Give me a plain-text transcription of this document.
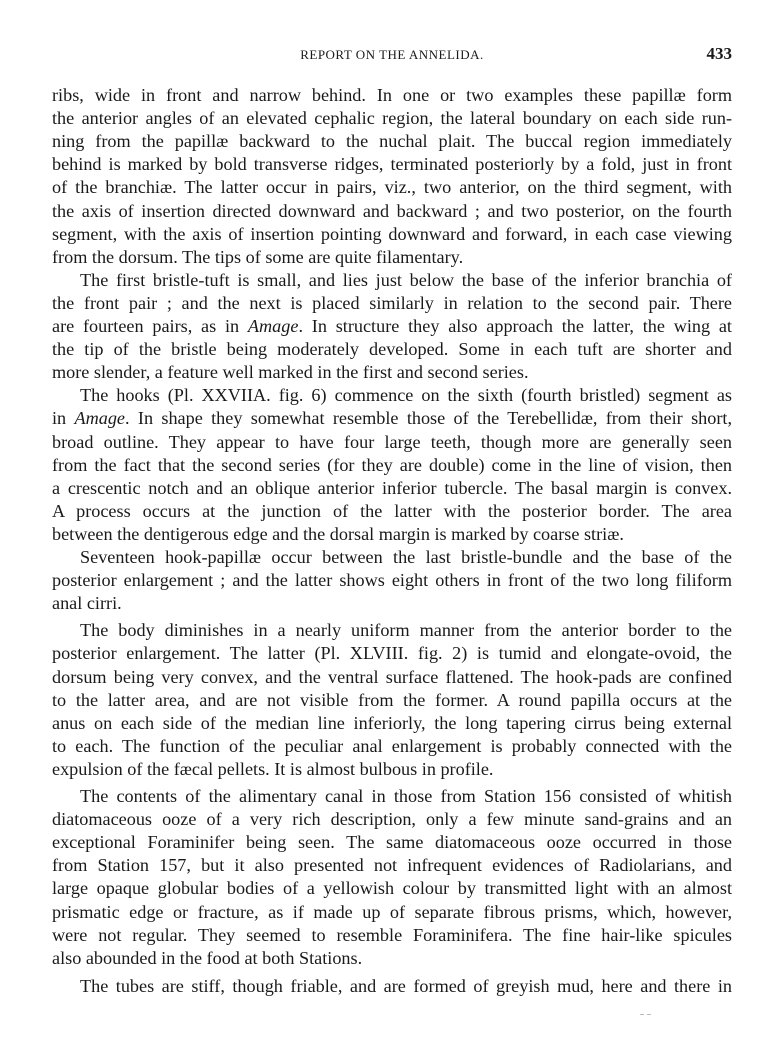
REPORT ON THE ANNELIDA.	433
ribs, wide in front and narrow behind. In one or two examples these papillæ form
the anterior angles of an elevated cephalic region, the lateral boundary on each side run-
ning from the papillæ backward to the nuchal plait. The buccal region immediately
behind is marked by bold transverse ridges, terminated posteriorly by a fold, just in front
of the branchiæ. The latter occur in pairs, viz., two anterior, on the third segment, with
the axis of insertion directed downward and backward ; and two posterior, on the fourth
segment, with the axis of insertion pointing downward and forward, in each case viewing
from the dorsum. The tips of some are quite filamentary.
The first bristle-tuft is small, and lies just below the base of the inferior branchia of
the front pair ; and the next is placed similarly in relation to the second pair. There
are fourteen pairs, as in Amage. In structure they also approach the latter, the wing at
the tip of the bristle being moderately developed. Some in each tuft are shorter and
more slender, a feature well marked in the first and second series.
The hooks (Pl. XXVIIA. fig. 6) commence on the sixth (fourth bristled) segment as
in Amage. In shape they somewhat resemble those of the Terebellidæ, from their short,
broad outline. They appear to have four large teeth, though more are generally seen
from the fact that the second series (for they are double) come in the line of vision, then
a crescentic notch and an oblique anterior inferior tubercle. The basal margin is convex.
A process occurs at the junction of the latter with the posterior border. The area
between the dentigerous edge and the dorsal margin is marked by coarse striæ.
Seventeen hook-papillæ occur between the last bristle-bundle and the base of the
posterior enlargement ; and the latter shows eight others in front of the two long filiform
anal cirri.
The body diminishes in a nearly uniform manner from the anterior border to the
posterior enlargement. The latter (Pl. XLVIII. fig. 2) is tumid and elongate-ovoid, the
dorsum being very convex, and the ventral surface flattened. The hook-pads are confined
to the latter area, and are not visible from the former. A round papilla occurs at the
anus on each side of the median line inferiorly, the long tapering cirrus being external
to each. The function of the peculiar anal enlargement is probably connected with the
expulsion of the fæcal pellets. It is almost bulbous in profile.
The contents of the alimentary canal in those from Station 156 consisted of whitish
diatomaceous ooze of a very rich description, only a few minute sand-grains and an
exceptional Foraminifer being seen. The same diatomaceous ooze occurred in those
from Station 157, but it also presented not infrequent evidences of Radiolarians, and
large opaque globular bodies of a yellowish colour by transmitted light with an almost
prismatic edge or fracture, as if made up of separate fibrous prisms, which, however,
were not regular. They seemed to resemble Foraminifera. The fine hair-like spicules
also abounded in the food at both Stations.
The tubes are stiff, though friable, and are formed of greyish mud, here and there in
